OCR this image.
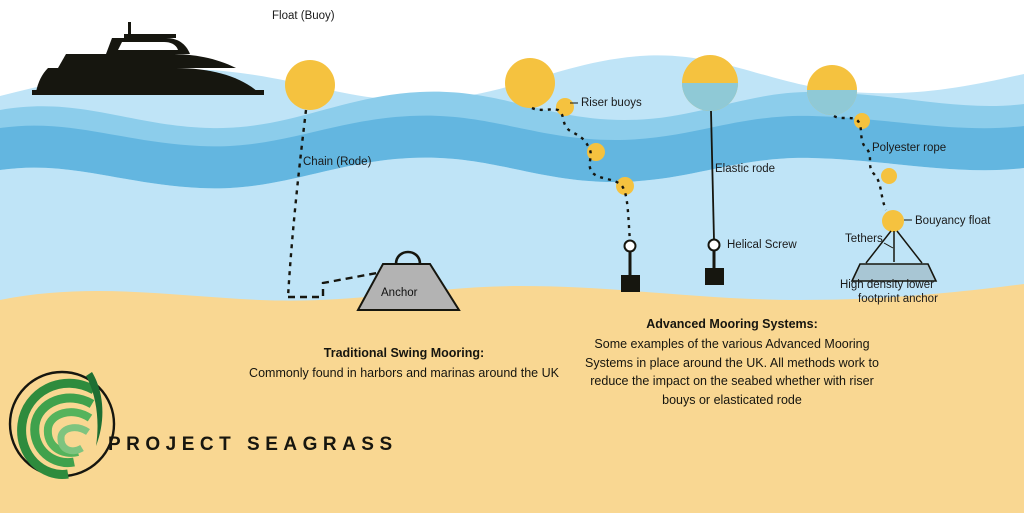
Float (Buoy)
Chain (Rode)
Riser buoys
Elastic rode
Helical Screw
Polyester rope
Bouyancy float
Tethers
Anchor
High density lower
footprint anchor
Traditional Swing Mooring:
Commonly found in harbors and marinas around the UK
Advanced Mooring Systems:
Some examples of the various Advanced Mooring Systems in place around the UK. All methods work to reduce the impact on the seabed whether with riser bouys or elasticated rode
PROJECT SEAGRASS
